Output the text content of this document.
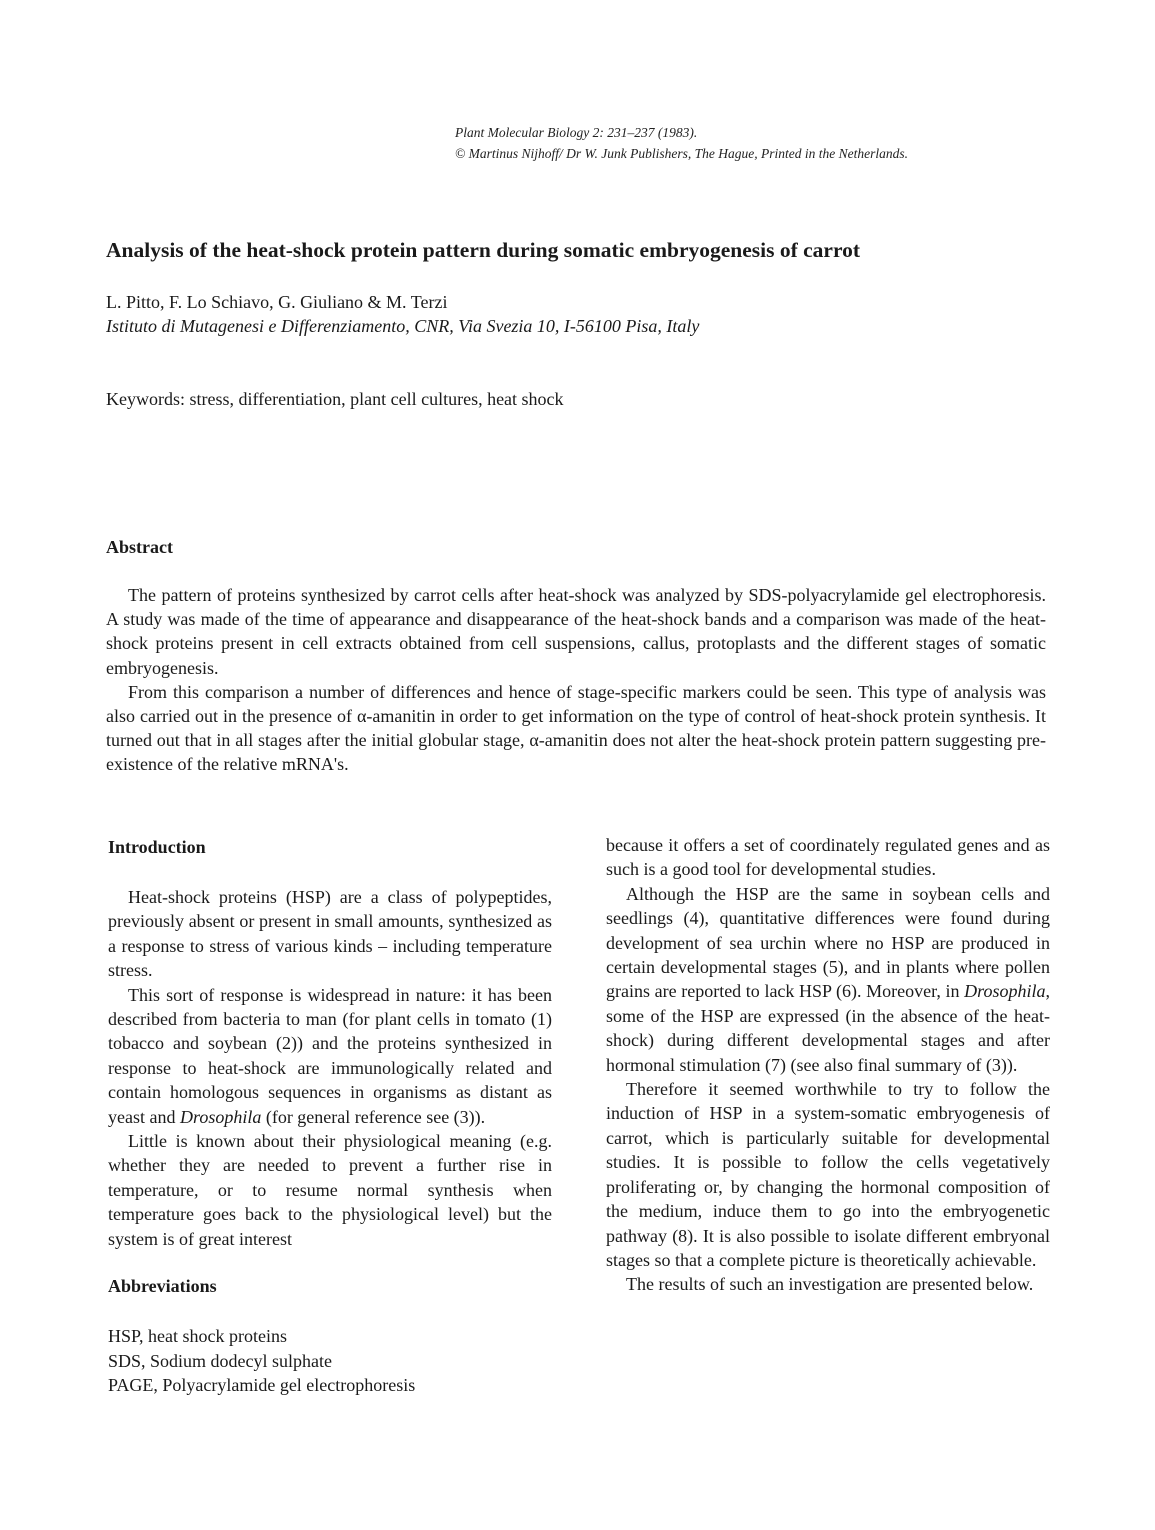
Plant Molecular Biology 2: 231–237 (1983).
© Martinus Nijhoff/ Dr W. Junk Publishers, The Hague, Printed in the Netherlands.
Analysis of the heat-shock protein pattern during somatic embryogenesis of carrot
L. Pitto, F. Lo Schiavo, G. Giuliano & M. Terzi
Istituto di Mutagenesi e Differenziamento, CNR, Via Svezia 10, I-56100 Pisa, Italy
Keywords: stress, differentiation, plant cell cultures, heat shock
Abstract

The pattern of proteins synthesized by carrot cells after heat-shock was analyzed by SDS-polyacrylamide gel electrophoresis. A study was made of the time of appearance and disappearance of the heat-shock bands and a comparison was made of the heat-shock proteins present in cell extracts obtained from cell suspensions, callus, protoplasts and the different stages of somatic embryogenesis.

From this comparison a number of differences and hence of stage-specific markers could be seen. This type of analysis was also carried out in the presence of α-amanitin in order to get information on the type of control of heat-shock protein synthesis. It turned out that in all stages after the initial globular stage, α-amanitin does not alter the heat-shock protein pattern suggesting pre-existence of the relative mRNA's.

Introduction

Heat-shock proteins (HSP) are a class of polypeptides, previously absent or present in small amounts, synthesized as a response to stress of various kinds – including temperature stress.

This sort of response is widespread in nature: it has been described from bacteria to man (for plant cells in tomato (1) tobacco and soybean (2)) and the proteins synthesized in response to heat-shock are immunologically related and contain homologous sequences in organisms as distant as yeast and Drosophila (for general reference see (3)).

Little is known about their physiological meaning (e.g. whether they are needed to prevent a further rise in temperature, or to resume normal synthesis when temperature goes back to the physiological level) but the system is of great interest

Abbreviations

HSP, heat shock proteins

SDS, Sodium dodecyl sulphate

PAGE, Polyacrylamide gel electrophoresis

because it offers a set of coordinately regulated genes and as such is a good tool for developmental studies.

Although the HSP are the same in soybean cells and seedlings (4), quantitative differences were found during development of sea urchin where no HSP are produced in certain developmental stages (5), and in plants where pollen grains are reported to lack HSP (6). Moreover, in Drosophila, some of the HSP are expressed (in the absence of the heat-shock) during different developmental stages and after hormonal stimulation (7) (see also final summary of (3)).

Therefore it seemed worthwhile to try to follow the induction of HSP in a system-somatic embryogenesis of carrot, which is particularly suitable for developmental studies. It is possible to follow the cells vegetatively proliferating or, by changing the hormonal composition of the medium, induce them to go into the embryogenetic pathway (8). It is also possible to isolate different embryonal stages so that a complete picture is theoretically achievable.

The results of such an investigation are presented below.
